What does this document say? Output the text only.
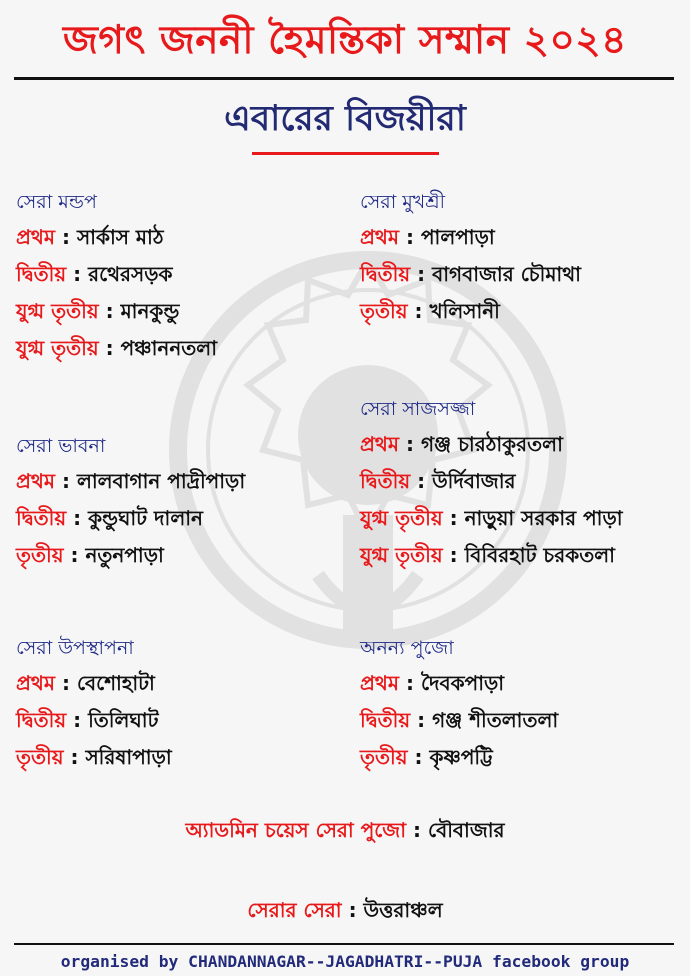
জগৎ জননী হৈমন্তিকা সম্মান ২০২৪
এবারের বিজয়ীরা
সেরা মন্ডপ
প্রথম : সার্কাস মাঠ
দ্বিতীয় : রথেরসড়ক
যুগ্ম তৃতীয় : মানকুন্ডু
যুগ্ম তৃতীয় : পঞ্চাননতলা
সেরা মুখশ্রী
প্রথম : পালপাড়া
দ্বিতীয় : বাগবাজার চৌমাথা
তৃতীয় : খলিসানী
সেরা ভাবনা
প্রথম : লালবাগান পাদ্রীপাড়া
দ্বিতীয় : কুন্ডুঘাট দালান
তৃতীয় : নতুনপাড়া
সেরা সাজসজ্জা
প্রথম : গঞ্জ চারঠাকুরতলা
দ্বিতীয় : উর্দিবাজার
যুগ্ম তৃতীয় : নাড়ুয়া সরকার পাড়া
যুগ্ম তৃতীয় : বিবিরহাট চরকতলা
সেরা উপস্থাপনা
প্রথম : বেশোহাটা
দ্বিতীয় : তিলিঘাট
তৃতীয় : সরিষাপাড়া
অনন্য পুজো
প্রথম : দৈবকপাড়া
দ্বিতীয় : গঞ্জ শীতলাতলা
তৃতীয় : কৃষ্ণপট্টি
অ্যাডমিন চয়েস সেরা পুজো : বৌবাজার
সেরার সেরা : উত্তরাঞ্চল
organised by CHANDANNAGAR--JAGADHATRI--PUJA facebook group
